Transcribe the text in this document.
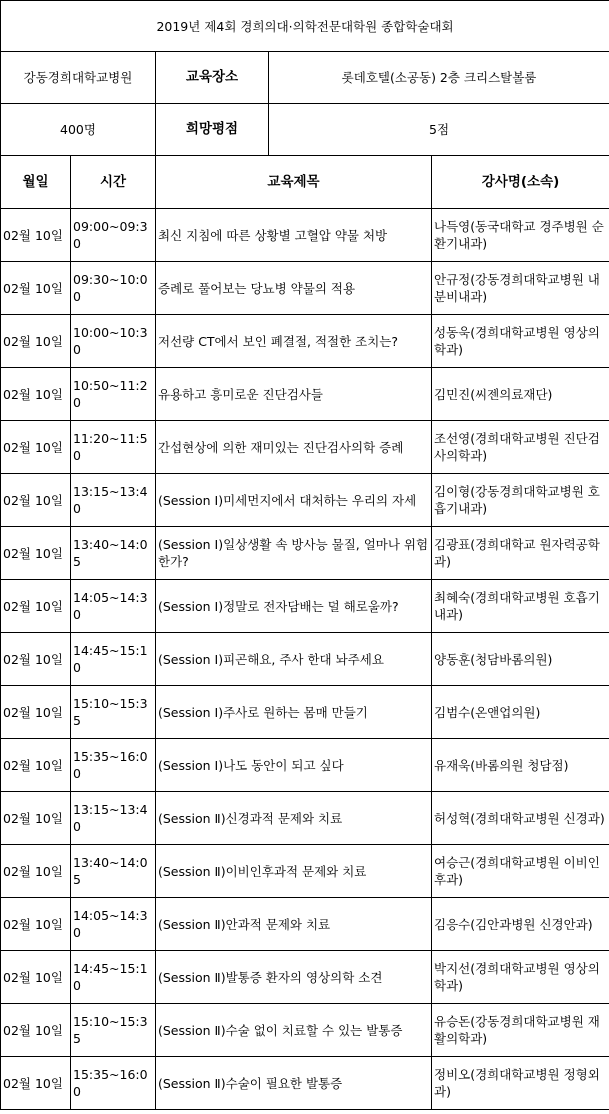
2019년 제4회 경희의대·의학전문대학원 종합학술대회				
강동경희대학교병원		교육장소	롯데호텔(소공동) 2층 크리스탈볼룸	
400명		희망평점	5점	
월일	시간	교육제목		강사명(소속)
02월 10일	09:00~09:30	최신 지침에 따른 상황별 고혈압 약물 처방		나득영(동국대학교 경주병원 순환기내과)
02월 10일	09:30~10:00	증례로 풀어보는 당뇨병 약물의 적용		안규정(강동경희대학교병원 내분비내과)
02월 10일	10:00~10:30	저선량 CT에서 보인 폐결절, 적절한 조치는?		성동욱(경희대학교병원 영상의학과)
02월 10일	10:50~11:20	유용하고 흥미로운 진단검사들		김민진(씨젠의료재단)
02월 10일	11:20~11:50	간섭현상에 의한 재미있는 진단검사의학 증례		조선영(경희대학교병원 진단검사의학과)
02월 10일	13:15~13:40	(Session Ⅰ)미세먼지에서 대처하는 우리의 자세		김이형(강동경희대학교병원 호흡기내과)
02월 10일	13:40~14:05	(Session Ⅰ)일상생활 속 방사능 물질, 얼마나 위험한가?		김광표(경희대학교 원자력공학과)
02월 10일	14:05~14:30	(Session Ⅰ)정말로 전자담배는 덜 해로울까?		최혜숙(경희대학교병원 호흡기내과)
02월 10일	14:45~15:10	(Session Ⅰ)피곤해요, 주사 한대 놔주세요		양동훈(청담바롬의원)
02월 10일	15:10~15:35	(Session Ⅰ)주사로 원하는 몸매 만들기		김범수(온앤업의원)
02월 10일	15:35~16:00	(Session Ⅰ)나도 동안이 되고 싶다		유재욱(바롬의원 청담점)
02월 10일	13:15~13:40	(Session Ⅱ)신경과적 문제와 치료		허성혁(경희대학교병원 신경과)
02월 10일	13:40~14:05	(Session Ⅱ)이비인후과적 문제와 치료		여승근(경희대학교병원 이비인후과)
02월 10일	14:05~14:30	(Session Ⅱ)안과적 문제와 치료		김응수(김안과병원 신경안과)
02월 10일	14:45~15:10	(Session Ⅱ)발통증 환자의 영상의학 소견		박지선(경희대학교병원 영상의학과)
02월 10일	15:10~15:35	(Session Ⅱ)수술 없이 치료할 수 있는 발통증		유승돈(강동경희대학교병원 재활의학과)
02월 10일	15:35~16:00	(Session Ⅱ)수술이 필요한 발통증		정비오(경희대학교병원 정형외과)
